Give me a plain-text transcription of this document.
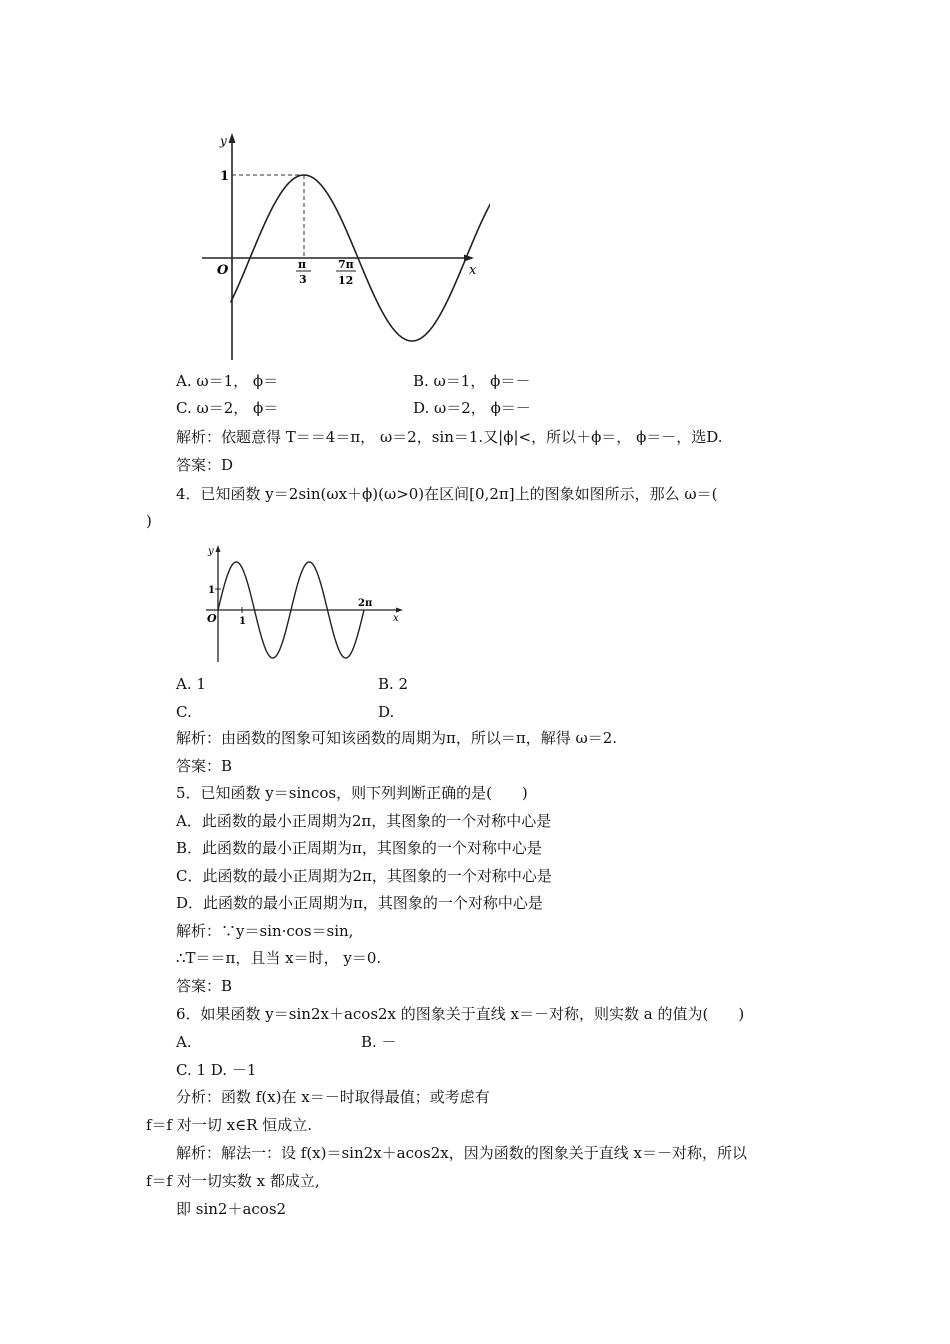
y
x
O
1
π
3
7π
12
A. ω＝1， ϕ＝	B. ω＝1， ϕ＝－
C. ω＝2， ϕ＝	D. ω＝2， ϕ＝－
解析：依题意得 T＝＝4＝π， ω＝2，sin＝1.又|ϕ|<，所以＋ϕ＝， ϕ＝－，选D.
答案：D
4．已知函数 y＝2sin(ωx＋ϕ)(ω>0)在区间[0,2π]上的图象如图所示，那么 ω＝(
)
y
x
O
1
1
2π
A. 1	B. 2
C.	D.
解析：由函数的图象可知该函数的周期为π，所以＝π，解得 ω＝2.
答案：B
5．已知函数 y＝sincos，则下列判断正确的是(　　)
A．此函数的最小正周期为2π，其图象的一个对称中心是
B．此函数的最小正周期为π，其图象的一个对称中心是
C．此函数的最小正周期为2π，其图象的一个对称中心是
D．此函数的最小正周期为π，其图象的一个对称中心是
解析：∵y＝sin·cos＝sin,
∴T＝＝π，且当 x＝时， y＝0.
答案：B
6．如果函数 y＝sin2x＋acos2x 的图象关于直线 x＝－对称，则实数 a 的值为(　　)
A.	B. －
C. 1 D. －1
分析：函数 f(x)在 x＝－时取得最值；或考虑有
f＝f 对一切 x∈R 恒成立.
解析：解法一：设 f(x)＝sin2x＋acos2x，因为函数的图象关于直线 x＝－对称，所以
f＝f 对一切实数 x 都成立,
即 sin2＋acos2
